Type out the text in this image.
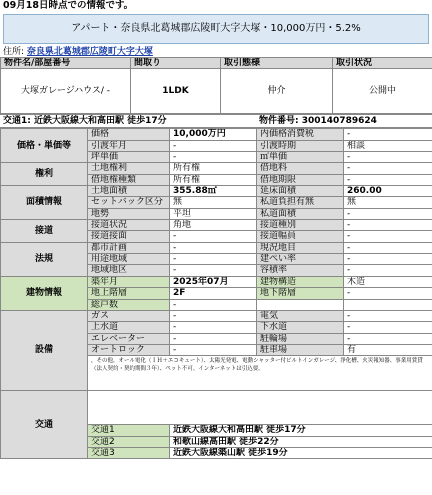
09月18日時点での情報です。
アパート・奈良県北葛城郡広陵町大字大塚・10,000万円・5.2%
住所: 奈良県北葛城郡広陵町大字大塚
物件名/部屋番号	間取り	取引態様	取引状況
大塚ガレージハウス/ -	1LDK	仲介	公開中
交通1: 近鉄大阪線大和高田駅 徒歩17分	物件番号: 300140789624
価格・単価等	価格	10,000万円	内価格消費税	-
	引渡年月	-	引渡時期	相談
	坪単価	-	㎡単価	-
権利	土地権利	所有権	借地料	-
	借地権種類	所有権	借地期限	-
面積情報	土地面積	355.88㎡	延床面積	260.00
	セットバック区分	無	私道負担有無	無
	地勢	平坦	私道面積	-
接道	接道状況	角地	接道種別	-
	接道接面	-	接道幅員	-
法規	都市計画	-	現況地目	-
	用途地域	-	建ぺい率	-
	地域地区	-	容積率	-
建物情報	築年月	2025年07月	建物構造	木造
	地上階層	2F	地下階層	-
	総戸数	-		
設備	ガス	-	電気	-
	上水道	-	下水道	-
	エレベーター	-	駐輪場	-
	オートロック	-	駐車場	有
	，その他，オール電化（ＩＨ＋エコキュート）、太陽光発電、電動シャッター付ビルトインガレージ、浄化槽、火災報知器、事業用賃貸（法人契約・契約期間３年）、ペット不可。インターネットは引込要。			
交通				
	交通1	近鉄大阪線大和高田駅 徒歩17分		
	交通2	和歌山線高田駅 徒歩22分		
	交通3	近鉄大阪線築山駅 徒歩19分		
